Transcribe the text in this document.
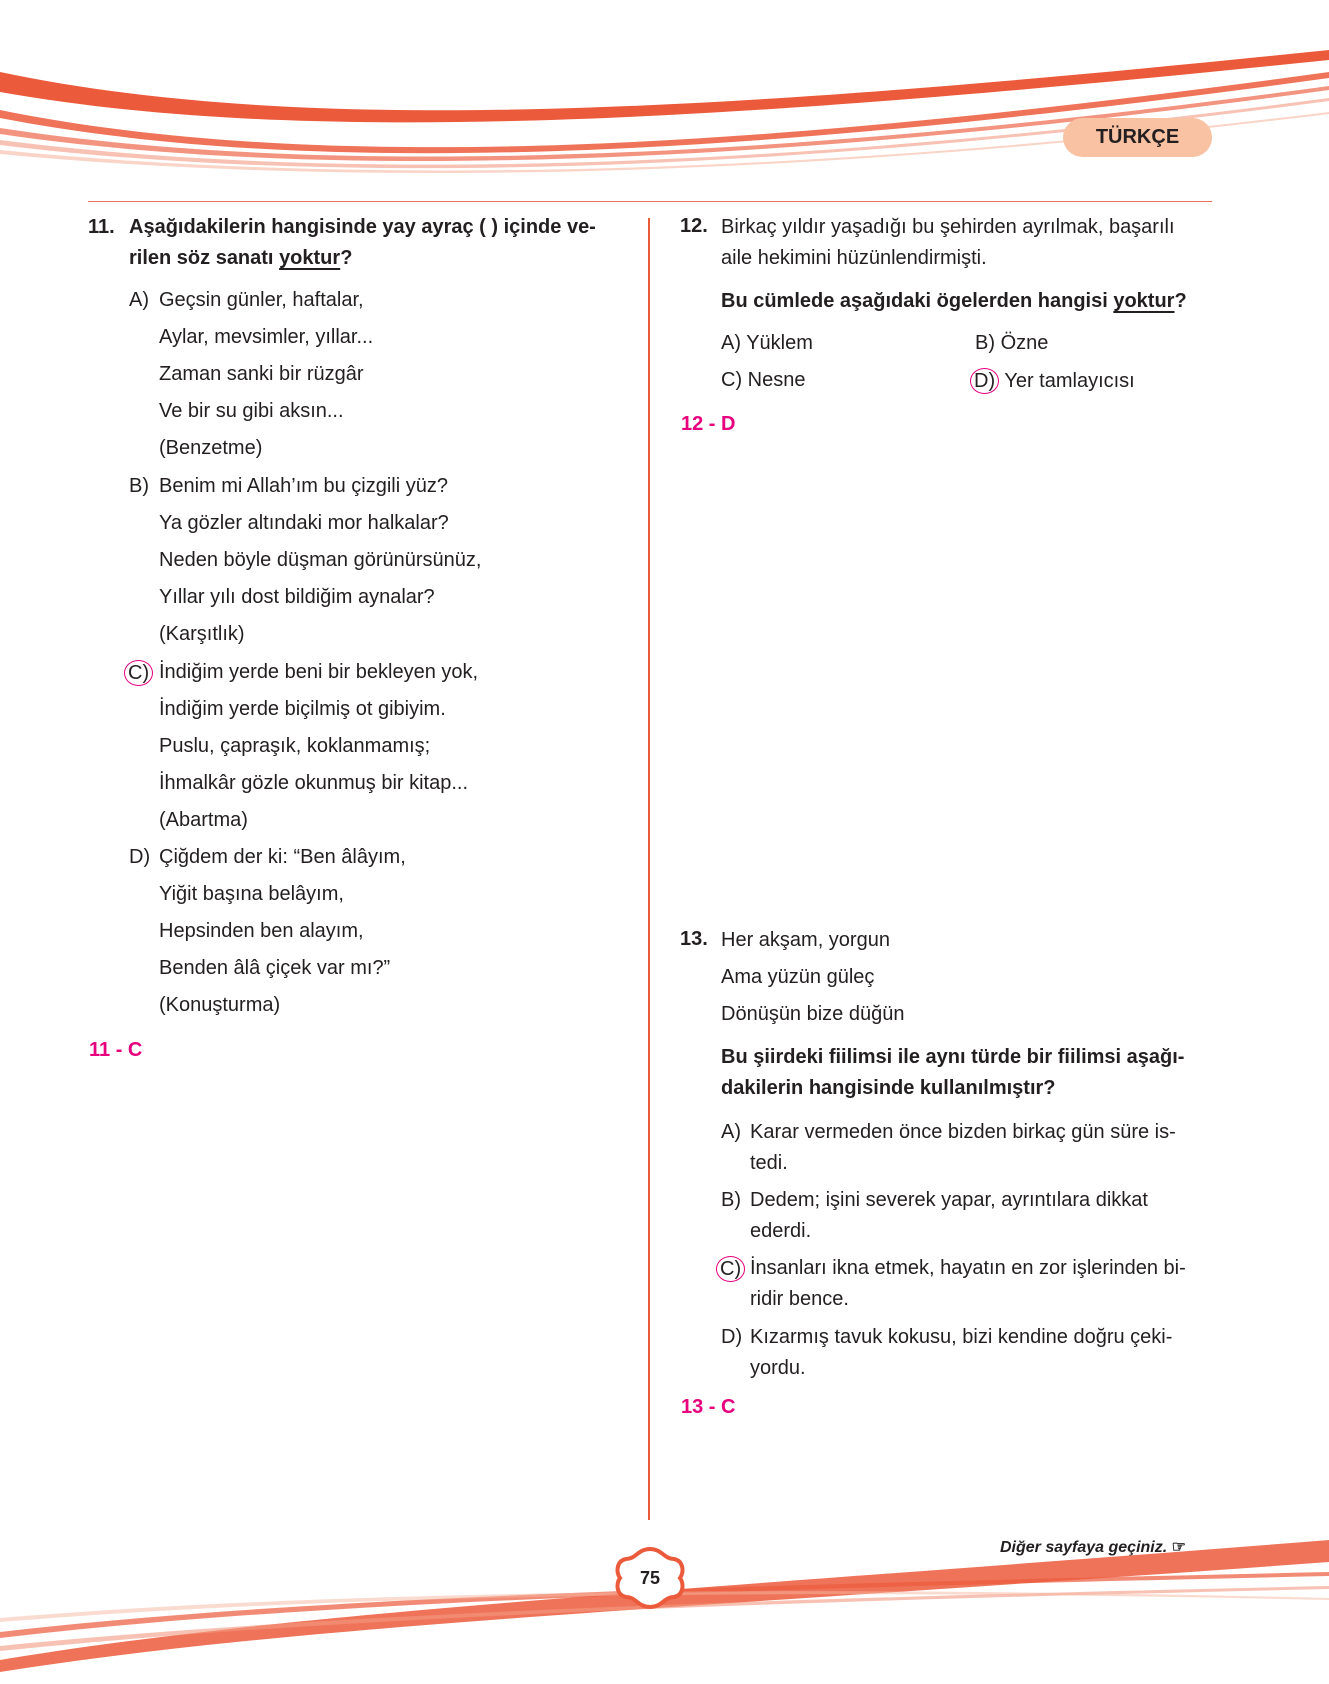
TÜRKÇE
11. Aşağıdakilerin hangisinde yay ayraç ( ) içinde ve-
rilen söz sanatı yoktur?
A) Geçsin günler, haftalar,
Aylar, mevsimler, yıllar...
Zaman sanki bir rüzgâr
Ve bir su gibi aksın...
(Benzetme)
B) Benim mi Allah’ım bu çizgili yüz?
Ya gözler altındaki mor halkalar?
Neden böyle düşman görünürsünüz,
Yıllar yılı dost bildiğim aynalar?
(Karşıtlık)
C) İndiğim yerde beni bir bekleyen yok,
İndiğim yerde biçilmiş ot gibiyim.
Puslu, çapraşık, koklanmamış;
İhmalkâr gözle okunmuş bir kitap...
(Abartma)
D) Çiğdem der ki: “Ben âlâyım,
Yiğit başına belâyım,
Hepsinden ben alayım,
Benden âlâ çiçek var mı?”
(Konuşturma)
11 - C
12. Birkaç yıldır yaşadığı bu şehirden ayrılmak, başarılı
aile hekimini hüzünlendirmişti.
Bu cümlede aşağıdaki ögelerden hangisi yoktur?
A) Yüklem	B) Özne
C) Nesne	D) Yer tamlayıcısı
12 - D
13. Her akşam, yorgun
Ama yüzün güleç
Dönüşün bize düğün
Bu şiirdeki fiilimsi ile aynı türde bir fiilimsi aşağı-
dakilerin hangisinde kullanılmıştır?
A) Karar vermeden önce bizden birkaç gün süre is-
tedi.
B) Dedem; işini severek yapar, ayrıntılara dikkat
ederdi.
C) İnsanları ikna etmek, hayatın en zor işlerinden bi-
ridir bence.
D) Kızarmış tavuk kokusu, bizi kendine doğru çeki-
yordu.
13 - C
Diğer sayfaya geçiniz. ☞
75
